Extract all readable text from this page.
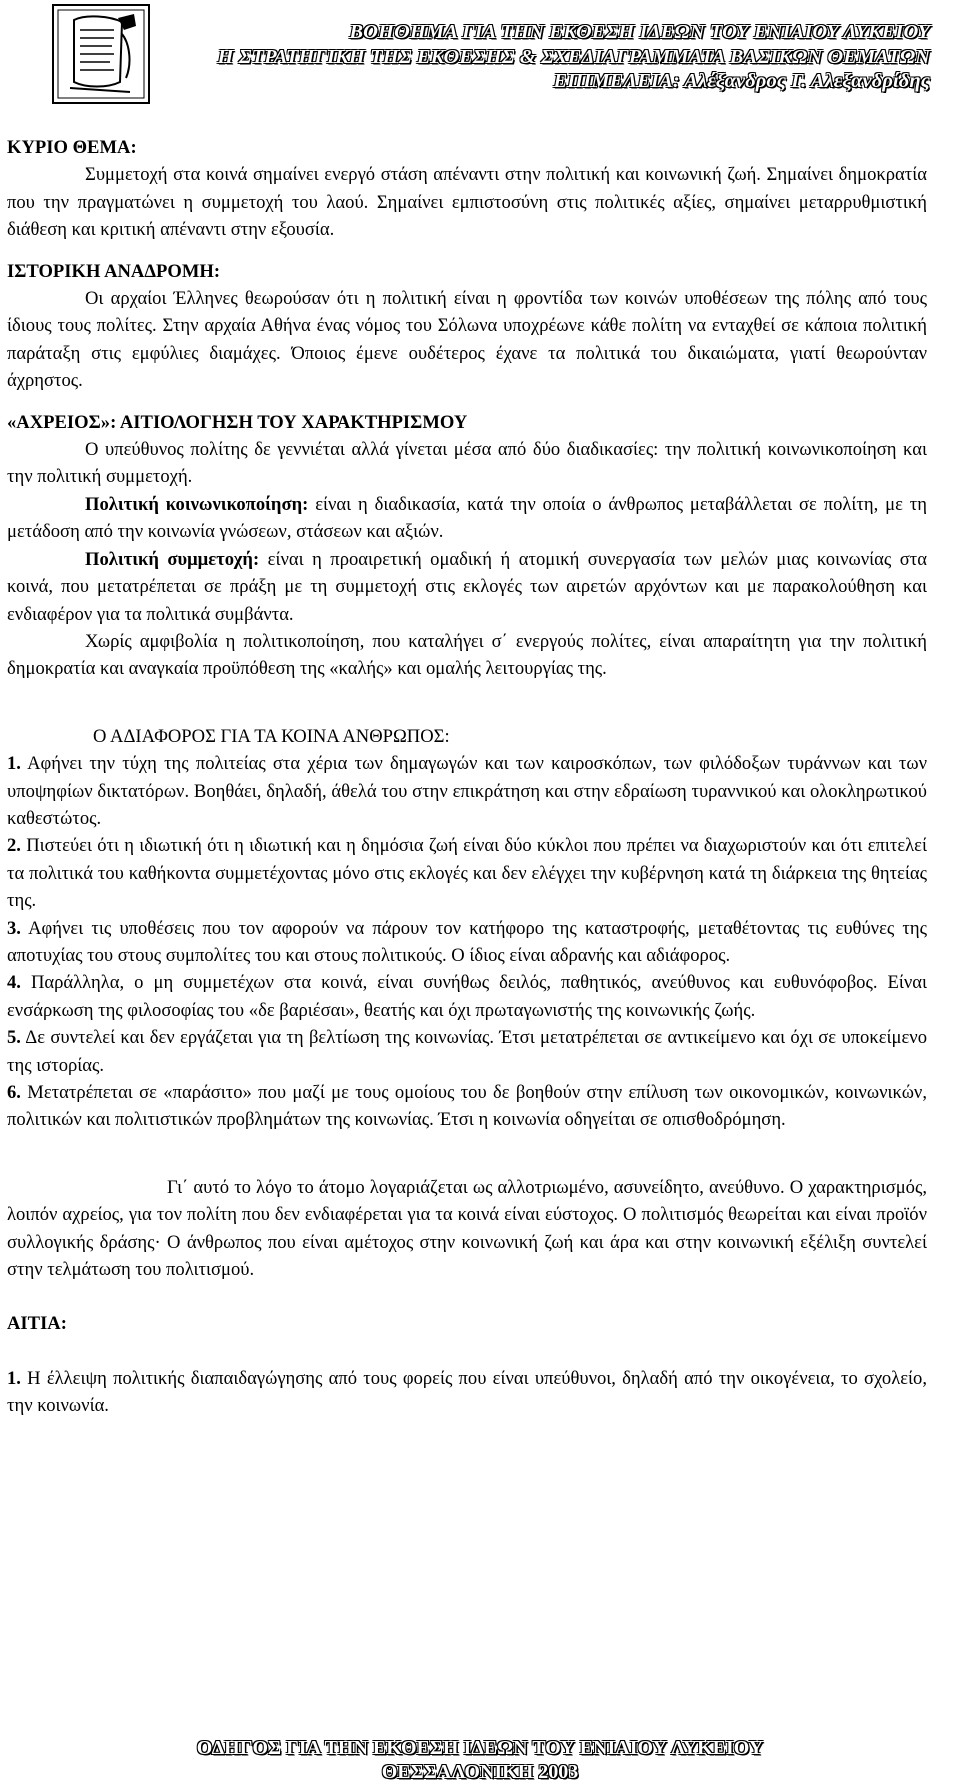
ΒΟΗΘΗΜΑ ΓΙΑ ΤΗΝ ΕΚΘΕΣΗ ΙΔΕΩΝ ΤΟΥ ΕΝΙΑΙΟΥ ΛΥΚΕΙΟΥ
Η ΣΤΡΑΤΗΓΙΚΗ ΤΗΣ ΕΚΘΕΣΗΣ & ΣΧΕΔΙΑΓΡΑΜΜΑΤΑ ΒΑΣΙΚΩΝ ΘΕΜΑΤΩΝ
ΕΠΙΜΕΛΕΙΑ: Αλέξανδρος Γ. Αλεξανδρίδης

ΚΥΡΙΟ ΘΕΜΑ:

Συμμετοχή στα κοινά σημαίνει ενεργό στάση απέναντι στην πολιτική και κοινωνική ζωή. Σημαίνει δημοκρατία που την πραγματώνει η συμμετοχή του λαού. Σημαίνει εμπιστοσύνη στις πολιτικές αξίες, σημαίνει μεταρρυθμιστική διάθεση και κριτική απέναντι στην εξουσία.

ΙΣΤΟΡΙΚΗ ΑΝΑΔΡΟΜΗ:

Οι αρχαίοι Έλληνες θεωρούσαν ότι η πολιτική είναι η φροντίδα των κοινών υποθέσεων της πόλης από τους ίδιους τους πολίτες. Στην αρχαία Αθήνα ένας νόμος του Σόλωνα υποχρέωνε κάθε πολίτη να ενταχθεί σε κάποια πολιτική παράταξη στις εμφύλιες διαμάχες. Όποιος έμενε ουδέτερος έχανε τα πολιτικά του δικαιώματα, γιατί θεωρούνταν άχρηστος.

«ΑΧΡΕΙΟΣ»: ΑΙΤΙΟΛΟΓΗΣΗ ΤΟΥ ΧΑΡΑΚΤΗΡΙΣΜΟΥ

Ο υπεύθυνος πολίτης δε γεννιέται αλλά γίνεται μέσα από δύο διαδικασίες: την πολιτική κοινωνικοποίηση και την πολιτική συμμετοχή.

Πολιτική κοινωνικοποίηση: είναι η διαδικασία, κατά την οποία ο άνθρωπος μεταβάλλεται σε πολίτη, με τη μετάδοση από την κοινωνία γνώσεων, στάσεων και αξιών.

Πολιτική συμμετοχή: είναι η προαιρετική ομαδική ή ατομική συνεργασία των μελών μιας κοινωνίας στα κοινά, που μετατρέπεται σε πράξη με τη συμμετοχή στις εκλογές των αιρετών αρχόντων και με παρακολούθηση και ενδιαφέρον για τα πολιτικά συμβάντα.

Χωρίς αμφιβολία η πολιτικοποίηση, που καταλήγει σ΄ ενεργούς πολίτες, είναι απαραίτητη για την πολιτική δημοκρατία και αναγκαία προϋπόθεση της «καλής» και ομαλής λειτουργίας της.

Ο ΑΔΙΑΦΟΡΟΣ ΓΙΑ ΤΑ ΚΟΙΝΑ ΑΝΘΡΩΠΟΣ:

1. Αφήνει την τύχη της πολιτείας στα χέρια των δημαγωγών και των καιροσκόπων, των φιλόδοξων τυράννων και των υποψηφίων δικτατόρων. Βοηθάει, δηλαδή, άθελά του στην επικράτηση και στην εδραίωση τυραννικού και ολοκληρωτικού καθεστώτος.

2. Πιστεύει ότι η ιδιωτική ότι η ιδιωτική και η δημόσια ζωή είναι δύο κύκλοι που πρέπει να διαχωριστούν και ότι επιτελεί τα πολιτικά του καθήκοντα συμμετέχοντας μόνο στις εκλογές και δεν ελέγχει την κυβέρνηση κατά τη διάρκεια της θητείας της.

3. Αφήνει τις υποθέσεις που τον αφορούν να πάρουν τον κατήφορο της καταστροφής, μεταθέτοντας τις ευθύνες της αποτυχίας του στους συμπολίτες του και στους πολιτικούς. Ο ίδιος είναι αδρανής και αδιάφορος.

4. Παράλληλα, ο μη συμμετέχων στα κοινά, είναι συνήθως δειλός, παθητικός, ανεύθυνος και ευθυνόφοβος. Είναι ενσάρκωση της φιλοσοφίας του «δε βαριέσαι», θεατής και όχι πρωταγωνιστής της κοινωνικής ζωής.

5. Δε συντελεί και δεν εργάζεται για τη βελτίωση της κοινωνίας. Έτσι μετατρέπεται σε αντικείμενο και όχι σε υποκείμενο της ιστορίας.

6. Μετατρέπεται σε «παράσιτο» που μαζί με τους ομοίους του δε βοηθούν στην επίλυση των οικονομικών, κοινωνικών, πολιτικών και πολιτιστικών προβλημάτων της κοινωνίας. Έτσι η κοινωνία οδηγείται σε οπισθοδρόμηση.

Γι΄ αυτό το λόγο το άτομο λογαριάζεται ως αλλοτριωμένο, ασυνείδητο, ανεύθυνο. Ο χαρακτηρισμός, λοιπόν αχρείος, για τον πολίτη που δεν ενδιαφέρεται για τα κοινά είναι εύστοχος. Ο πολιτισμός θεωρείται και είναι προϊόν συλλογικής δράσης· Ο άνθρωπος που είναι αμέτοχος στην κοινωνική ζωή και άρα και στην κοινωνική εξέλιξη συντελεί στην τελμάτωση του πολιτισμού.

ΑΙΤΙΑ:

1. Η έλλειψη πολιτικής διαπαιδαγώγησης από τους φορείς που είναι υπεύθυνοι, δηλαδή από την οικογένεια, το σχολείο, την κοινωνία.

ΟΔΗΓΟΣ ΓΙΑ ΤΗΝ ΕΚΘΕΣΗ ΙΔΕΩΝ ΤΟΥ ΕΝΙΑΙΟΥ ΛΥΚΕΙΟΥ
ΘΕΣΣΑΛΟΝΙΚΗ 2003
